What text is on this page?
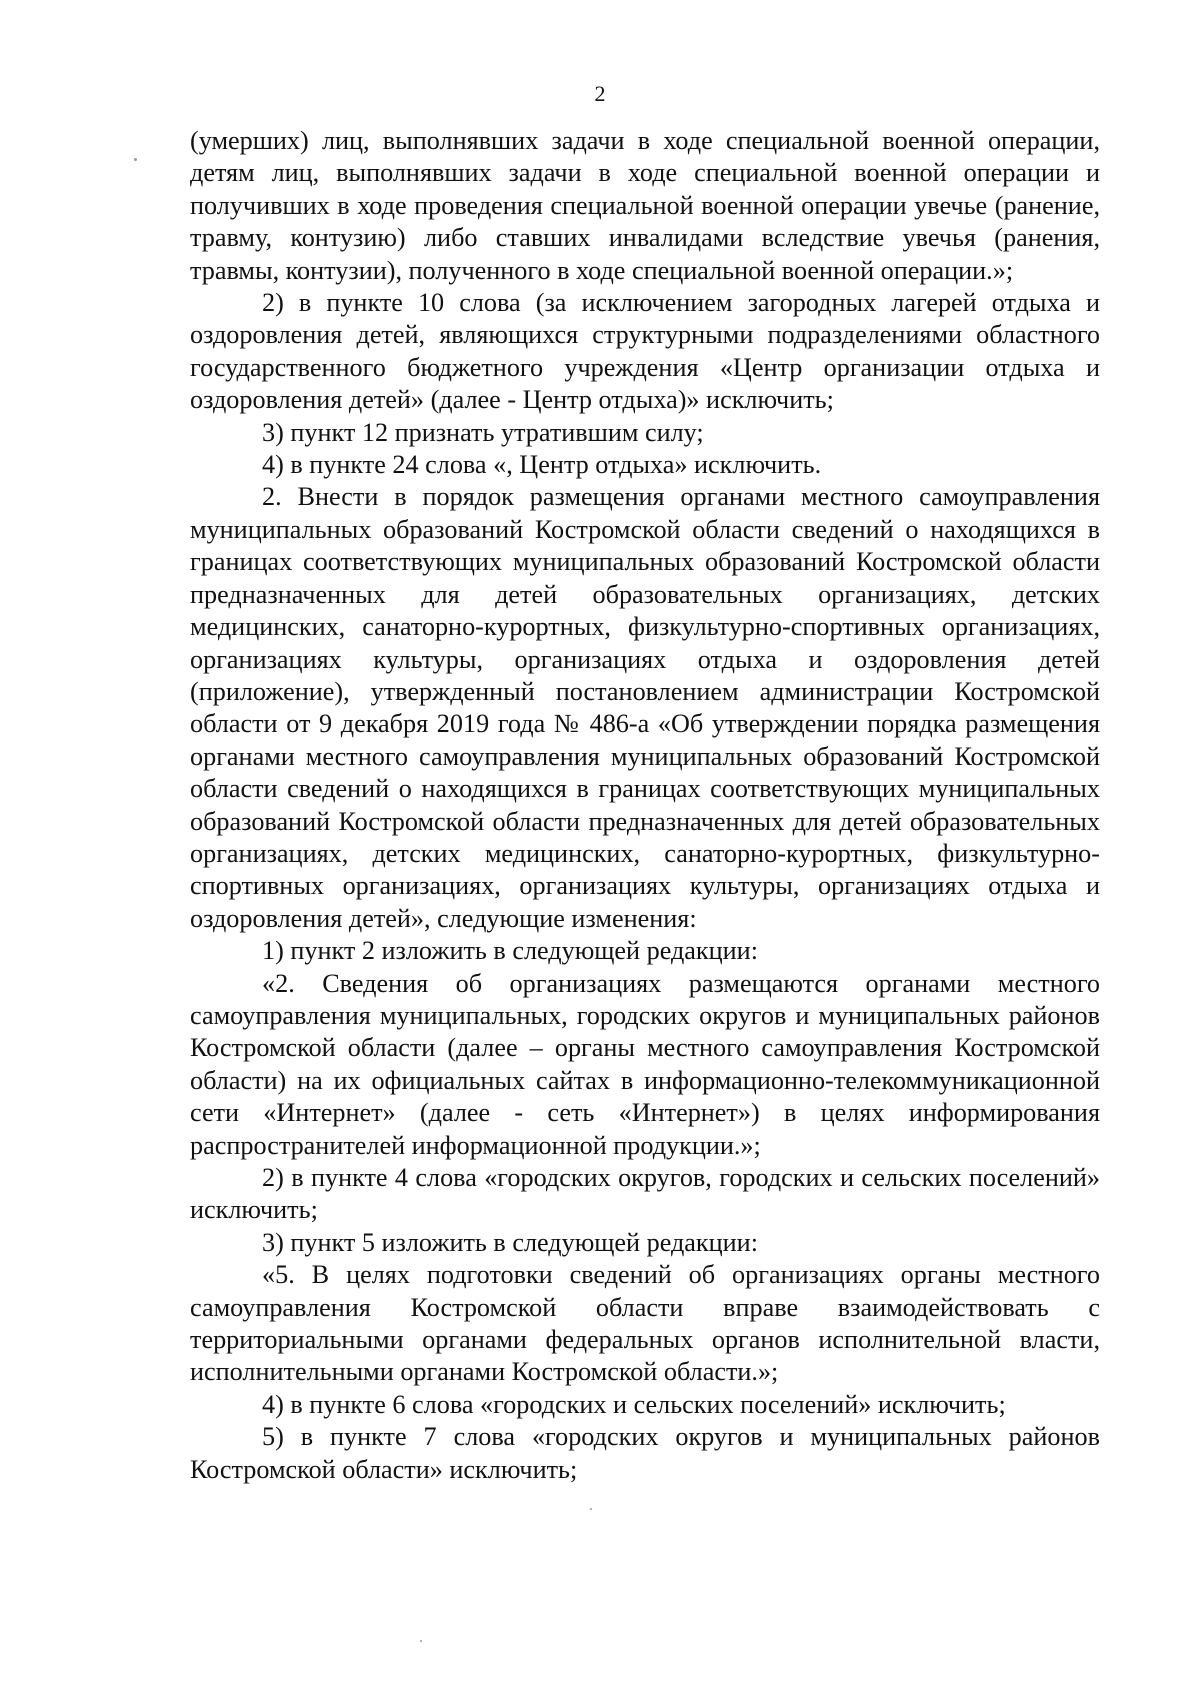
2

(умерших) лиц, выполнявших задачи в ходе специальной военной операции, детям лиц, выполнявших задачи в ходе специальной военной операции и получивших в ходе проведения специальной военной операции увечье (ранение, травму, контузию) либо ставших инвалидами вследствие увечья (ранения, травмы, контузии), полученного в ходе специальной военной операции.»;

2) в пункте 10 слова (за исключением загородных лагерей отдыха и оздоровления детей, являющихся структурными подразделениями областного государственного бюджетного учреждения «Центр организации отдыха и оздоровления детей» (далее - Центр отдыха)» исключить;

3) пункт 12 признать утратившим силу;

4) в пункте 24 слова «, Центр отдыха» исключить.

2. Внести в порядок размещения органами местного самоуправления муниципальных образований Костромской области сведений о находящихся в границах соответствующих муниципальных образований Костромской области предназначенных для детей образовательных организациях, детских медицинских, санаторно-курортных, физкультурно-спортивных организациях, организациях культуры, организациях отдыха и оздоровления детей (приложение), утвержденный постановлением администрации Костромской области от 9 декабря 2019 года № 486-а «Об утверждении порядка размещения органами местного самоуправления муниципальных образований Костромской области сведений о находящихся в границах соответствующих муниципальных образований Костромской области предназначенных для детей образовательных организациях, детских медицинских, санаторно-курортных, физкультурно-спортивных организациях, организациях культуры, организациях отдыха и оздоровления детей», следующие изменения:

1) пункт 2 изложить в следующей редакции:

«2. Сведения об организациях размещаются органами местного самоуправления муниципальных, городских округов и муниципальных районов Костромской области (далее – органы местного самоуправления Костромской области) на их официальных сайтах в информационно-телекоммуникационной сети «Интернет» (далее - сеть «Интернет») в целях информирования распространителей информационной продукции.»;

2) в пункте 4 слова «городских округов, городских и сельских поселений» исключить;

3) пункт 5 изложить в следующей редакции:

«5. В целях подготовки сведений об организациях органы местного самоуправления Костромской области вправе взаимодействовать с территориальными органами федеральных органов исполнительной власти, исполнительными органами Костромской области.»;

4) в пункте 6 слова «городских и сельских поселений» исключить;

5) в пункте 7 слова «городских округов и муниципальных районов Костромской области» исключить;
